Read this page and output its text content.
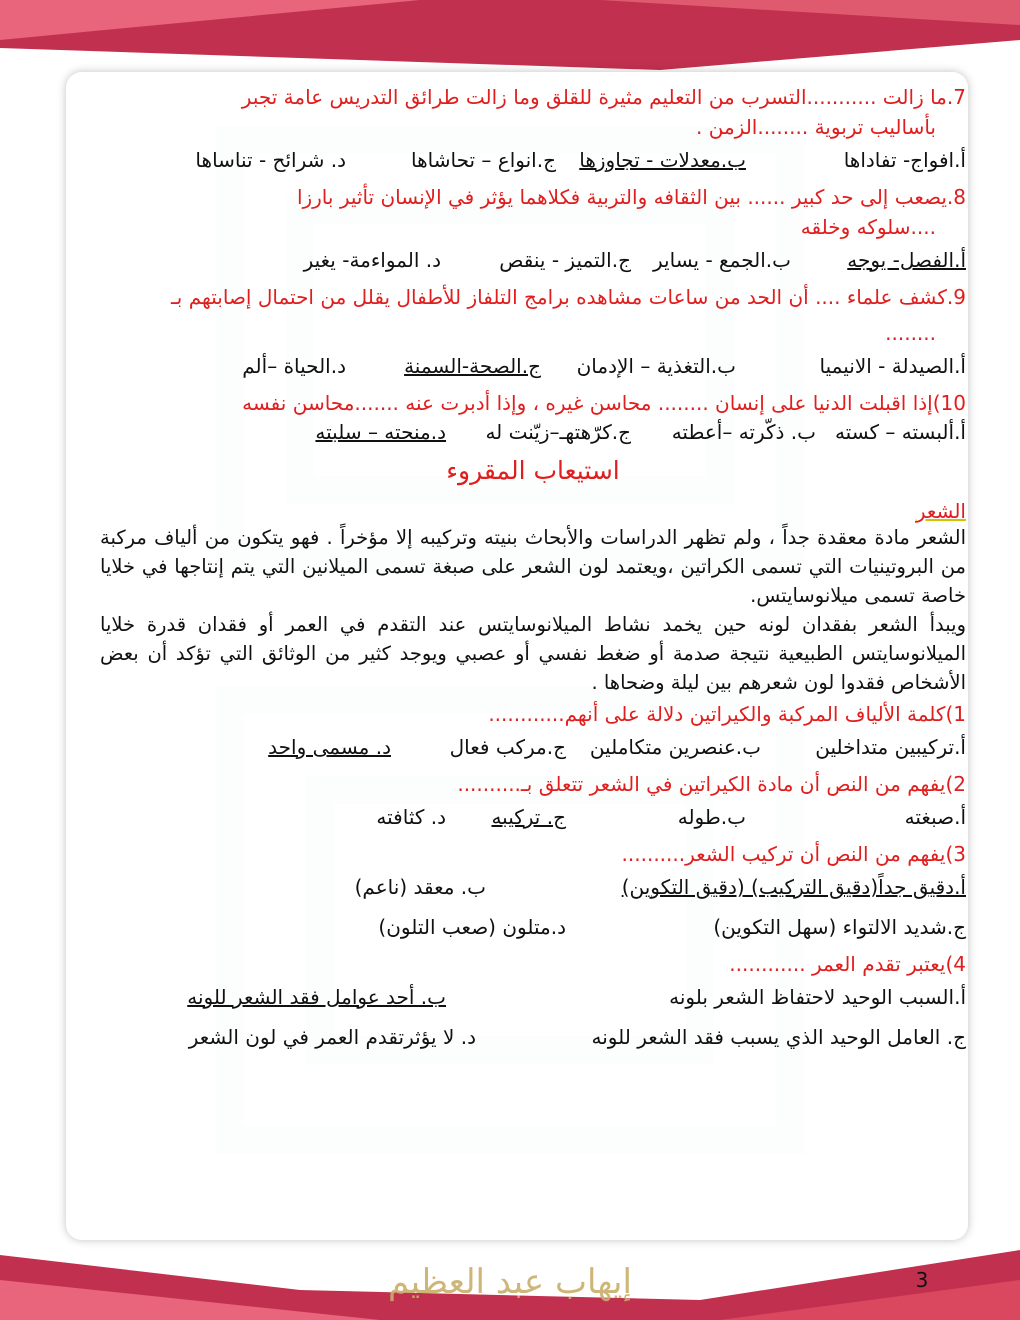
7.
ما زالت ...........التسرب من التعليم مثيرة للقلق وما زالت طرائق التدريس عامة تجبر
بأساليب تربوية ........الزمن .
أ.افواج- تفاداها
ب.معدلات - تجاوزها
ج.انواع – تحاشاها
د. شرائح - تناساها
8.
يصعب إلى حد كبير ...... بين الثقافه والتربية فكلاهما يؤثر في الإنسان تأثير بارزا
....سلوكه وخلقه
أ.الفصل- يوجه
ب.الجمع - يساير
ج.التميز - ينقص
د. المواءمة- يغير
9.
كشف علماء .... أن الحد من ساعات مشاهده برامج التلفاز للأطفال يقلل من احتمال إصابتهم بـ
........
أ.الصيدلة - الانيميا
ب.التغذية – الإدمان
ج.الصحة-السمنة
د.الحياة –ألم
10)
إذا اقبلت الدنيا على إنسان ........ محاسن غيره ، وإذا أدبرت عنه .......محاسن نفسه
أ.ألبسته – كسته
ب. ذكّرته –أعطته
ج.كرّهتهـ–زيّنت له
د.منحته – سلبته
استيعاب المقروء
الشعر
الشعر مادة معقدة جداً ، ولم تظهر الدراسات والأبحاث بنيته وتركيبه إلا مؤخراً . فهو يتكون من ألياف مركبة من البروتينيات التي تسمى الكراتين ،ويعتمد لون الشعر على صبغة تسمى الميلانين التي يتم إنتاجها في خلايا خاصة تسمى ميلانوسايتس.
ويبدأ الشعر بفقدان لونه حين يخمد نشاط الميلانوسايتس عند التقدم في العمر أو فقدان قدرة خلايا الميلانوسايتس الطبيعية نتيجة صدمة أو ضغط نفسي أو عصبي ويوجد كثير من الوثائق التي تؤكد أن بعض الأشخاص فقدوا لون شعرهم بين ليلة وضحاها .
1)
كلمة الألياف المركبة والكيراتين دلالة على أنهم............
أ.تركيبين متداخلين
ب.عنصرين متكاملين
ج.مركب فعال
د. مسمى واحد
2)
يفهم من النص أن مادة الكيراتين في الشعر تتعلق بـ..........
أ.صبغته
ب.طوله
ج. تركيبه
د. كثافته
3)
يفهم من النص أن تركيب الشعر..........
أ.دقيق جداً(دقيق التركيب) (دقيق التكوين)
ب. معقد (ناعم)
ج.شديد الالتواء (سهل التكوين)
د.متلون (صعب التلون)
4)
يعتبر تقدم العمر ............
أ.السبب الوحيد لاحتفاظ الشعر بلونه
ب. أحد عوامل فقد الشعر للونه
ج. العامل الوحيد الذي يسبب فقد الشعر للونه
د. لا يؤثرتقدم العمر في لون الشعر
إيهاب عبد العظيم	3
